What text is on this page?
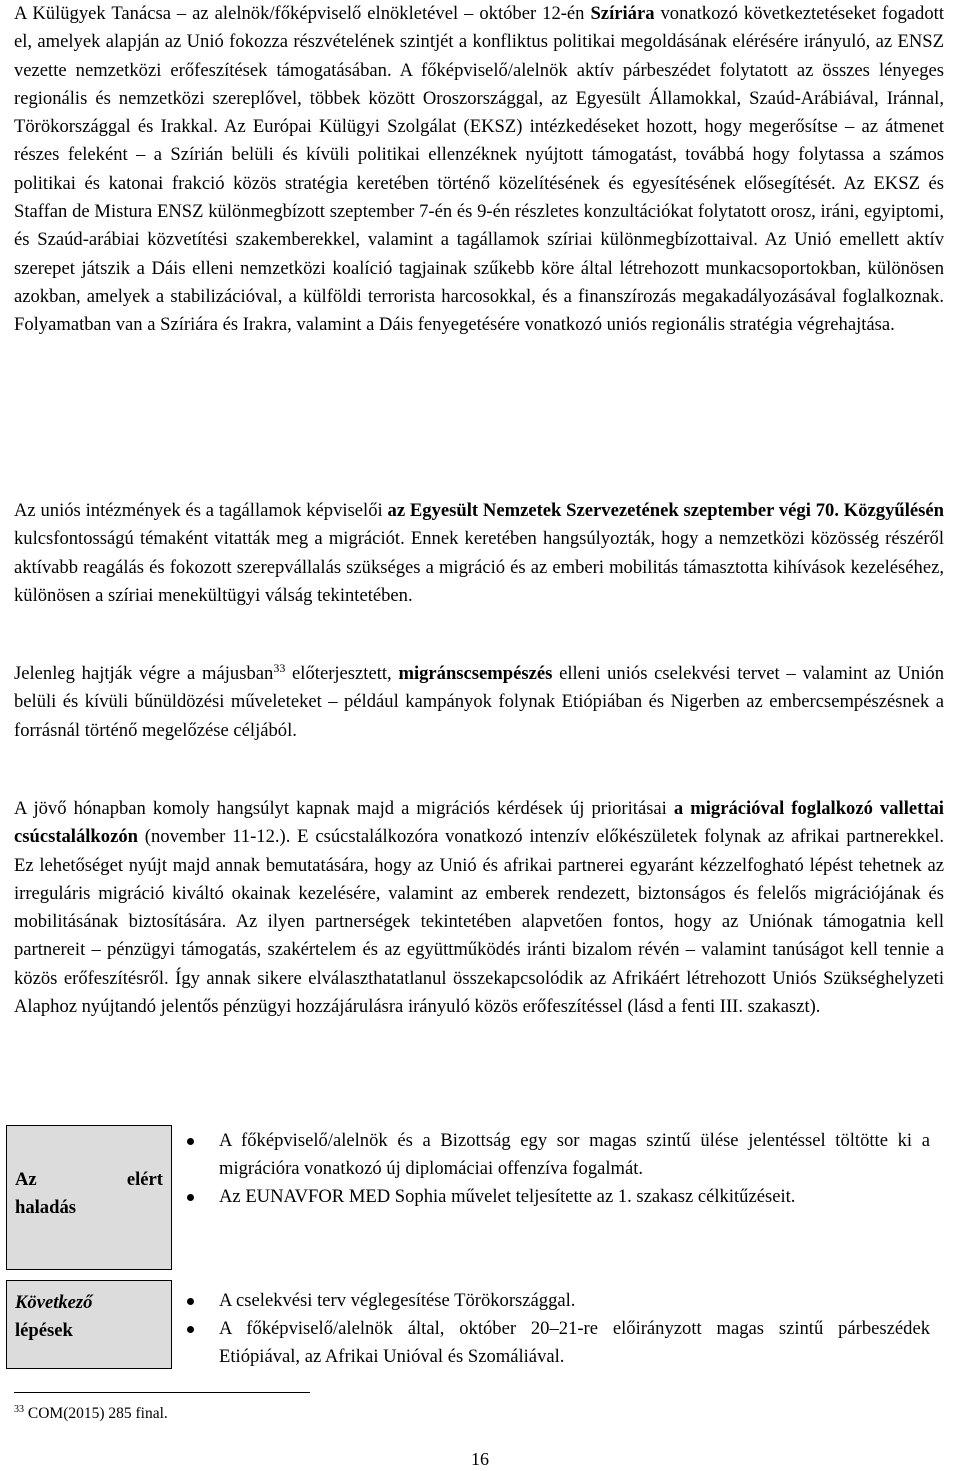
A Külügyek Tanácsa – az alelnök/főképviselő elnökletével – október 12-én Szíriára vonatkozó következtetéseket fogadott el, amelyek alapján az Unió fokozza részvételének szintjét a konfliktus politikai megoldásának elérésére irányuló, az ENSZ vezette nemzetközi erőfeszítések támogatásában. A főképviselő/alelnök aktív párbeszédet folytatott az összes lényeges regionális és nemzetközi szereplővel, többek között Oroszországgal, az Egyesült Államokkal, Szaúd-Arábiával, Iránnal, Törökországgal és Irakkal. Az Európai Külügyi Szolgálat (EKSZ) intézkedéseket hozott, hogy megerősítse – az átmenet részes feleként – a Szírián belüli és kívüli politikai ellenzéknek nyújtott támogatást, továbbá hogy folytassa a számos politikai és katonai frakció közös stratégia keretében történő közelítésének és egyesítésének elősegítését. Az EKSZ és Staffan de Mistura ENSZ különmegbízott szeptember 7-én és 9-én részletes konzultációkat folytatott orosz, iráni, egyiptomi, és Szaúd-arábiai közvetítési szakemberekkel, valamint a tagállamok szíriai különmegbízottaival. Az Unió emellett aktív szerepet játszik a Dáis elleni nemzetközi koalíció tagjainak szűkebb köre által létrehozott munkacsoportokban, különösen azokban, amelyek a stabilizációval, a külföldi terrorista harcosokkal, és a finanszírozás megakadályozásával foglalkoznak. Folyamatban van a Szíriára és Irakra, valamint a Dáis fenyegetésére vonatkozó uniós regionális stratégia végrehajtása.

Az uniós intézmények és a tagállamok képviselői az Egyesült Nemzetek Szervezetének szeptember végi 70. Közgyűlésén kulcsfontosságú témaként vitatták meg a migrációt. Ennek keretében hangsúlyozták, hogy a nemzetközi közösség részéről aktívabb reagálás és fokozott szerepvállalás szükséges a migráció és az emberi mobilitás támasztotta kihívások kezeléséhez, különösen a szíriai menekültügyi válság tekintetében.

Jelenleg hajtják végre a májusban$^{33}$ előterjesztett, migránscsempészés elleni uniós cselekvési tervet – valamint az Unión belüli és kívüli bűnüldözési műveleteket – például kampányok folynak Etiópiában és Nigerben az embercsempészésnek a forrásnál történő megelőzése céljából.

A jövő hónapban komoly hangsúlyt kapnak majd a migrációs kérdések új prioritásai a migrációval foglalkozó vallettai csúcstalálkozón (november 11-12.). E csúcstalálkozóra vonatkozó intenzív előkészületek folynak az afrikai partnerekkel. Ez lehetőséget nyújt majd annak bemutatására, hogy az Unió és afrikai partnerei egyaránt kézzelfogható lépést tehetnek az irreguláris migráció kiváltó okainak kezelésére, valamint az emberek rendezett, biztonságos és felelős migrációjának és mobilitásának biztosítására. Az ilyen partnerségek tekintetében alapvetően fontos, hogy az Uniónak támogatnia kell partnereit – pénzügyi támogatás, szakértelem és az együttműködés iránti bizalom révén – valamint tanúságot kell tennie a közös erőfeszítésről. Így annak sikere elválaszthatatlanul összekapcsolódik az Afrikáért létrehozott Uniós Szükséghelyzeti Alaphoz nyújtandó jelentős pénzügyi hozzájárulásra irányuló közös erőfeszítéssel (lásd a fenti III. szakaszt).

Az	elért
haladás
A főképviselő/alelnök és a Bizottság egy sor magas szintű ülése jelentéssel töltötte ki a migrációra vonatkozó új diplomáciai offenzíva fogalmát.
Az EUNAVFOR MED Sophia művelet teljesítette az 1. szakasz célkitűzéseit.
Következő
lépések
A cselekvési terv véglegesítése Törökországgal.
A főképviselő/alelnök által, október 20–21-re előirányzott magas szintű párbeszédek Etiópiával, az Afrikai Unióval és Szomáliával.
$^{33}$ COM(2015) 285 final.
16
